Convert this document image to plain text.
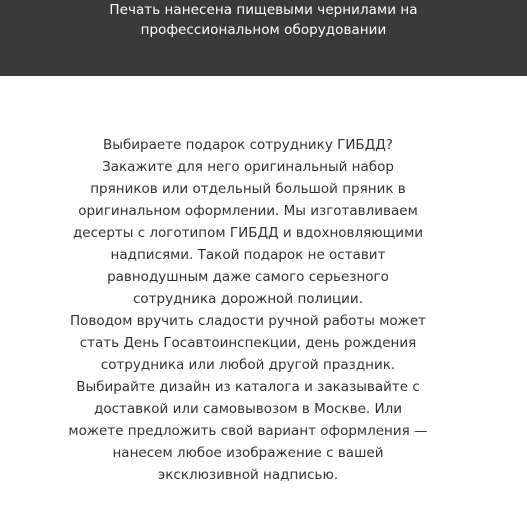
Печать нанесена пищевыми чернилами на
профессиональном оборудовании

Выбираете подарок сотруднику ГИБДД?
Закажите для него оригинальный набор
пряников или отдельный большой пряник в
оригинальном оформлении. Мы изготавливаем
десерты с логотипом ГИБДД и вдохновляющими
надписями. Такой подарок не оставит
равнодушным даже самого серьезного
сотрудника дорожной полиции.

Поводом вручить сладости ручной работы может
стать День Госавтоинспекции, день рождения
сотрудника или любой другой праздник.
Выбирайте дизайн из каталога и заказывайте с
доставкой или самовывозом в Москве. Или
можете предложить свой вариант оформления —
нанесем любое изображение с вашей
эксклюзивной надписью.
